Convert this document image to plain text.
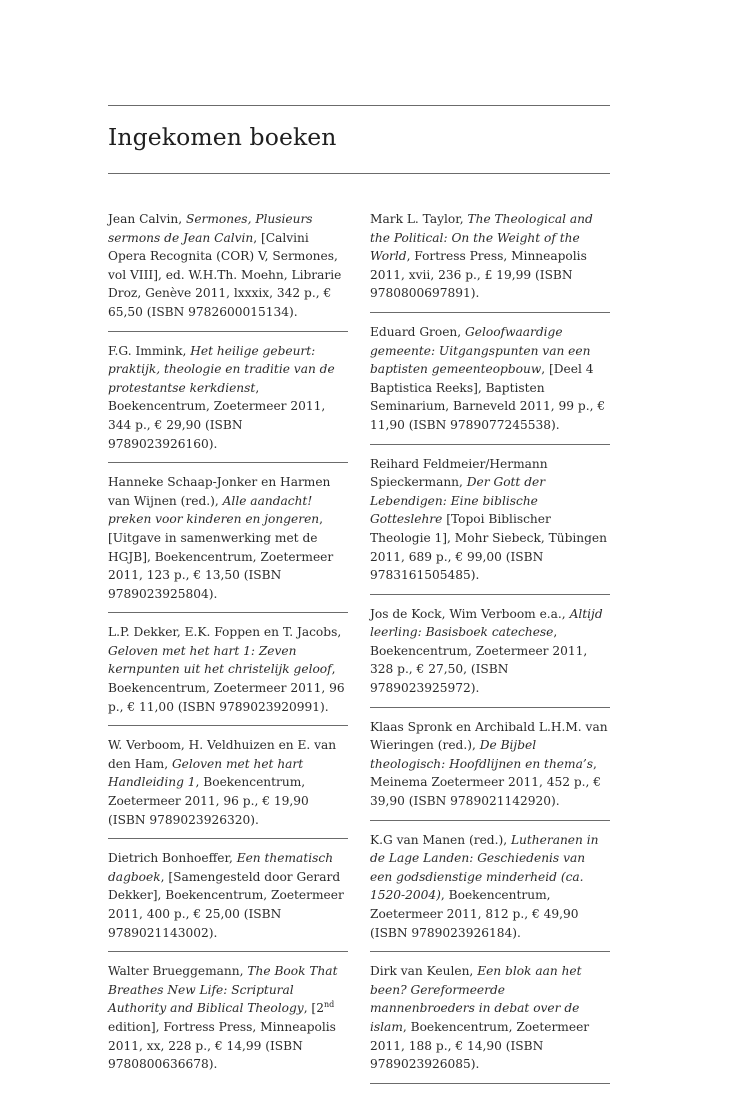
Ingekomen boeken
Jean Calvin, Sermones, Plusieurs sermons de Jean Calvin, [Calvini Opera Recognita (COR) V, Sermones, vol VIII], ed. W.H.Th. Moehn, Librarie Droz, Genève 2011, lxxxix, 342 p., € 65,50 (ISBN 9782600015134).
F.G. Immink, Het heilige gebeurt: praktijk, theologie en traditie van de protestantse kerkdienst, Boekencentrum, Zoetermeer 2011, 344 p., € 29,90 (ISBN 9789023926160).
Hanneke Schaap-Jonker en Harmen van Wijnen (red.), Alle aandacht! preken voor kinderen en jongeren, [Uitgave in samenwerking met de HGJB], Boekencentrum, Zoetermeer 2011, 123 p., € 13,50 (ISBN 9789023925804).
L.P. Dekker, E.K. Foppen en T. Jacobs, Geloven met het hart 1: Zeven kernpunten uit het christelijk geloof, Boekencentrum, Zoetermeer 2011, 96 p., € 11,00 (ISBN 9789023920991).
W. Verboom, H. Veldhuizen en E. van den Ham, Geloven met het hart Handleiding 1, Boekencentrum, Zoetermeer 2011, 96 p., € 19,90 (ISBN 9789023926320).
Dietrich Bonhoeffer, Een thematisch dagboek, [Samengesteld door Gerard Dekker], Boekencentrum, Zoetermeer 2011, 400 p., € 25,00 (ISBN 9789021143002).
Walter Brueggemann, The Book That Breathes New Life: Scriptural Authority and Biblical Theology, [2nd edition], Fortress Press, Minneapolis 2011, xx, 228 p., € 14,99 (ISBN 9780800636678).
Mark L. Taylor, The Theological and the Political: On the Weight of the World, Fortress Press, Minneapolis 2011, xvii, 236 p., £ 19,99 (ISBN 9780800697891).
Eduard Groen, Geloofwaardige gemeente: Uitgangspunten van een baptisten gemeenteopbouw, [Deel 4 Baptistica Reeks], Baptisten Seminarium, Barneveld 2011, 99 p., € 11,90 (ISBN 9789077245538).
Reihard Feldmeier/Hermann Spieckermann, Der Gott der Lebendigen: Eine biblische Gotteslehre [Topoi Biblischer Theologie 1], Mohr Siebeck, Tübingen 2011, 689 p., € 99,00 (ISBN 9783161505485).
Jos de Kock, Wim Verboom e.a., Altijd leerling: Basisboek catechese, Boekencentrum, Zoetermeer 2011, 328 p., € 27,50, (ISBN 9789023925972).
Klaas Spronk en Archibald L.H.M. van Wieringen (red.), De Bijbel theologisch: Hoofdlijnen en thema’s, Meinema Zoetermeer 2011, 452 p., € 39,90 (ISBN 9789021142920).
K.G van Manen (red.), Lutheranen in de Lage Landen: Geschiedenis van een godsdienstige minderheid (ca. 1520-2004), Boekencentrum, Zoetermeer 2011, 812 p., € 49,90 (ISBN 9789023926184).
Dirk van Keulen, Een blok aan het been? Gereformeerde mannenbroeders in debat over de islam, Boekencentrum, Zoetermeer 2011, 188 p., € 14,90 (ISBN 9789023926085).
